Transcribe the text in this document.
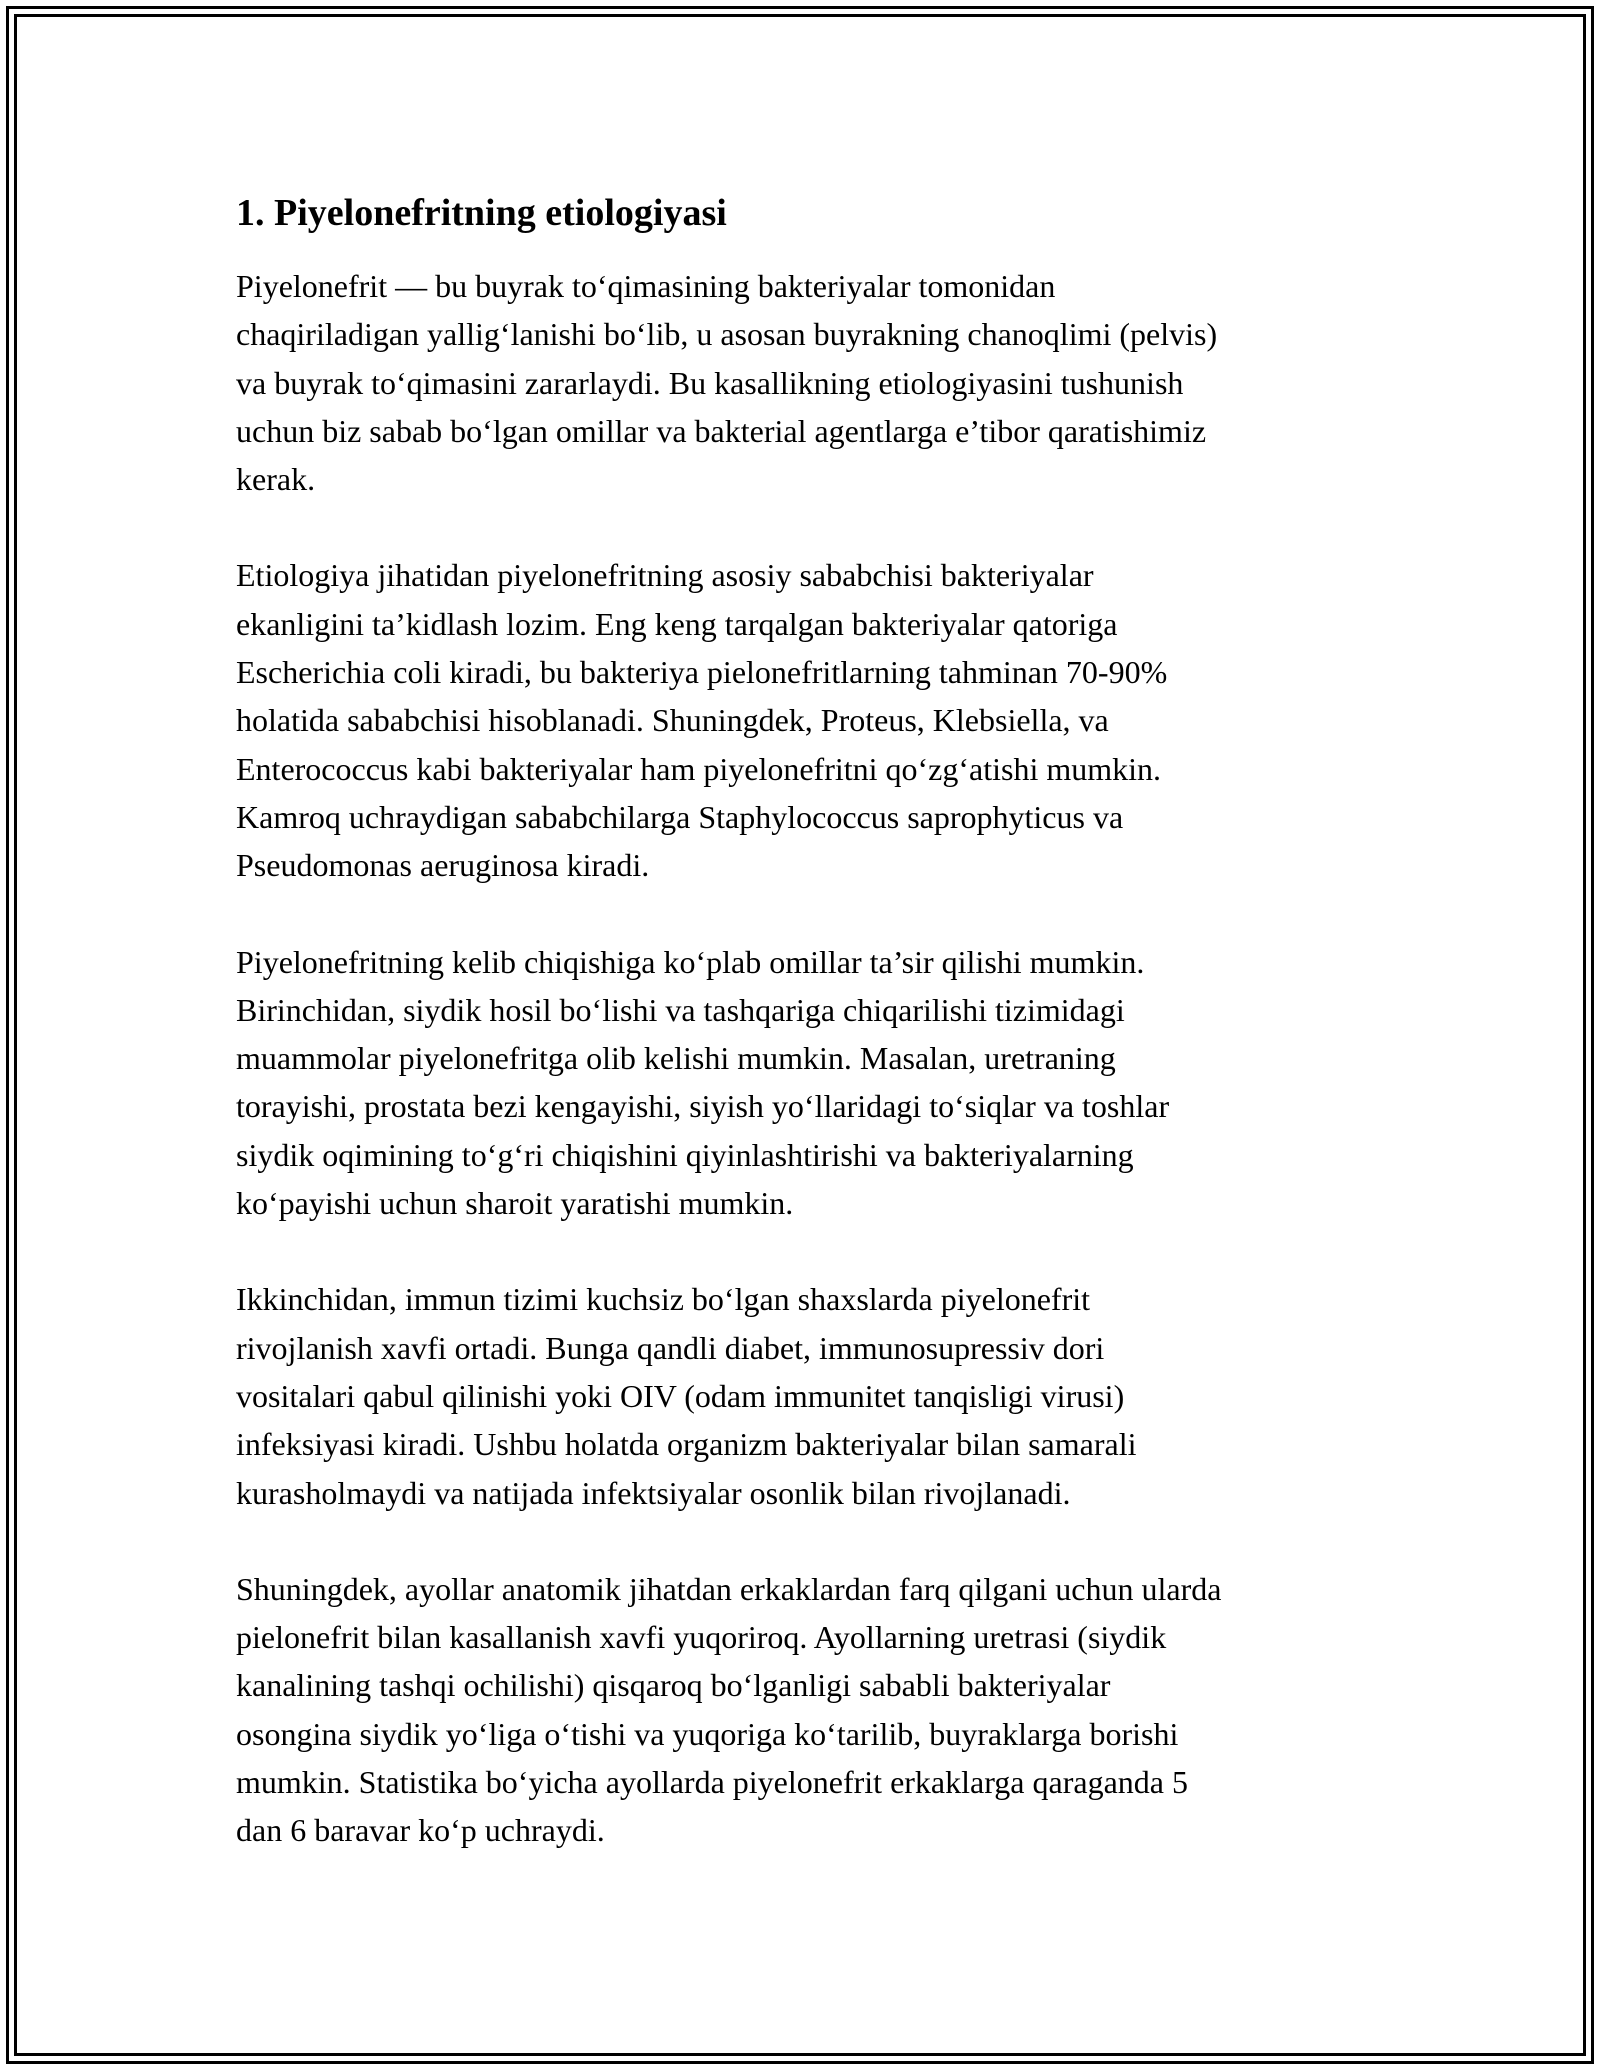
1. Piyelonefritning etiologiyasi

Piyelonefrit — bu buyrak to‘qimasining bakteriyalar tomonidan
chaqiriladigan yallig‘lanishi bo‘lib, u asosan buyrakning chanoqlimi (pelvis)
va buyrak to‘qimasini zararlaydi. Bu kasallikning etiologiyasini tushunish
uchun biz sabab bo‘lgan omillar va bakterial agentlarga e’tibor qaratishimiz
kerak.

Etiologiya jihatidan piyelonefritning asosiy sababchisi bakteriyalar
ekanligini ta’kidlash lozim. Eng keng tarqalgan bakteriyalar qatoriga
Escherichia coli kiradi, bu bakteriya pielonefritlarning tahminan 70-90%
holatida sababchisi hisoblanadi. Shuningdek, Proteus, Klebsiella, va
Enterococcus kabi bakteriyalar ham piyelonefritni qo‘zg‘atishi mumkin.
Kamroq uchraydigan sababchilarga Staphylococcus saprophyticus va
Pseudomonas aeruginosa kiradi.

Piyelonefritning kelib chiqishiga ko‘plab omillar ta’sir qilishi mumkin.
Birinchidan, siydik hosil bo‘lishi va tashqariga chiqarilishi tizimidagi
muammolar piyelonefritga olib kelishi mumkin. Masalan, uretraning
torayishi, prostata bezi kengayishi, siyish yo‘llaridagi to‘siqlar va toshlar
siydik oqimining to‘g‘ri chiqishini qiyinlashtirishi va bakteriyalarning
ko‘payishi uchun sharoit yaratishi mumkin.

Ikkinchidan, immun tizimi kuchsiz bo‘lgan shaxslarda piyelonefrit
rivojlanish xavfi ortadi. Bunga qandli diabet, immunosupressiv dori
vositalari qabul qilinishi yoki OIV (odam immunitet tanqisligi virusi)
infeksiyasi kiradi. Ushbu holatda organizm bakteriyalar bilan samarali
kurasholmaydi va natijada infektsiyalar osonlik bilan rivojlanadi.

Shuningdek, ayollar anatomik jihatdan erkaklardan farq qilgani uchun ularda
pielonefrit bilan kasallanish xavfi yuqoriroq. Ayollarning uretrasi (siydik
kanalining tashqi ochilishi) qisqaroq bo‘lganligi sababli bakteriyalar
osongina siydik yo‘liga o‘tishi va yuqoriga ko‘tarilib, buyraklarga borishi
mumkin. Statistika bo‘yicha ayollarda piyelonefrit erkaklarga qaraganda 5
dan 6 baravar ko‘p uchraydi.
